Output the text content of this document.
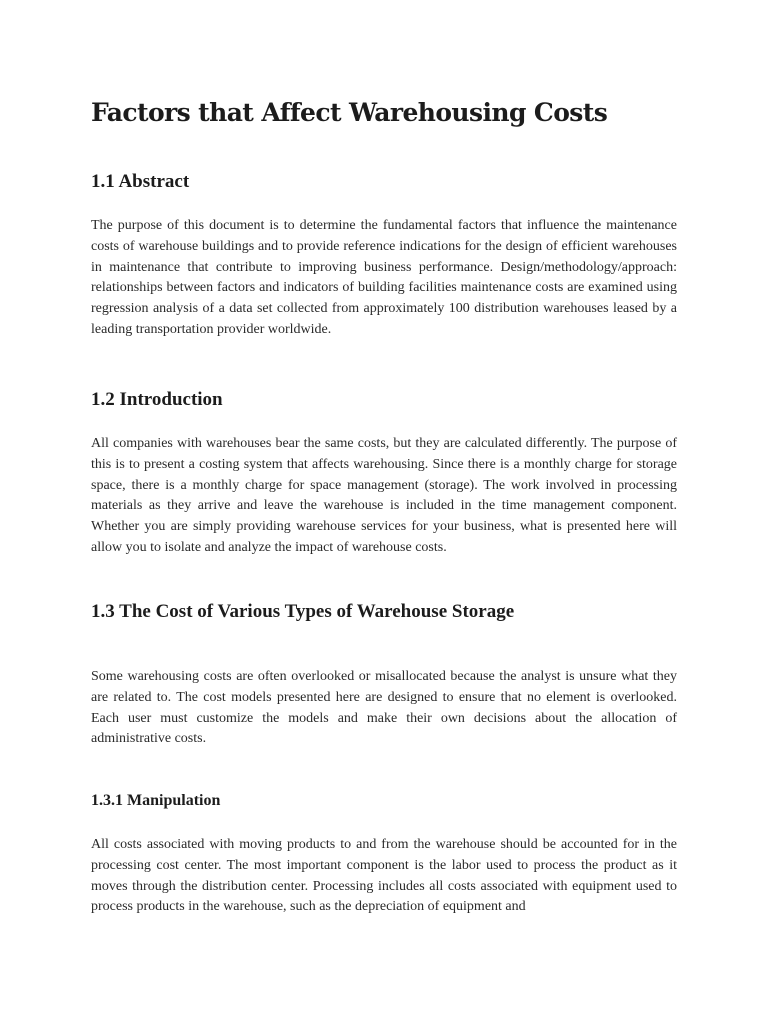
Factors that Affect Warehousing Costs
1.1 Abstract

The purpose of this document is to determine the fundamental factors that influence the maintenance costs of warehouse buildings and to provide reference indications for the design of efficient warehouses in maintenance that contribute to improving business performance. Design/methodology/approach: relationships between factors and indicators of building facilities maintenance costs are examined using regression analysis of a data set collected from approximately 100 distribution warehouses leased by a leading transportation provider worldwide.

1.2 Introduction

All companies with warehouses bear the same costs, but they are calculated differently. The purpose of this is to present a costing system that affects warehousing. Since there is a monthly charge for storage space, there is a monthly charge for space management (storage). The work involved in processing materials as they arrive and leave the warehouse is included in the time management component. Whether you are simply providing warehouse services for your business, what is presented here will allow you to isolate and analyze the impact of warehouse costs.

1.3 The Cost of Various Types of Warehouse Storage

Some warehousing costs are often overlooked or misallocated because the analyst is unsure what they are related to. The cost models presented here are designed to ensure that no element is overlooked. Each user must customize the models and make their own decisions about the allocation of administrative costs.

1.3.1 Manipulation

All costs associated with moving products to and from the warehouse should be accounted for in the processing cost center. The most important component is the labor used to process the product as it moves through the distribution center. Processing includes all costs associated with equipment used to process products in the warehouse, such as the depreciation of equipment and
